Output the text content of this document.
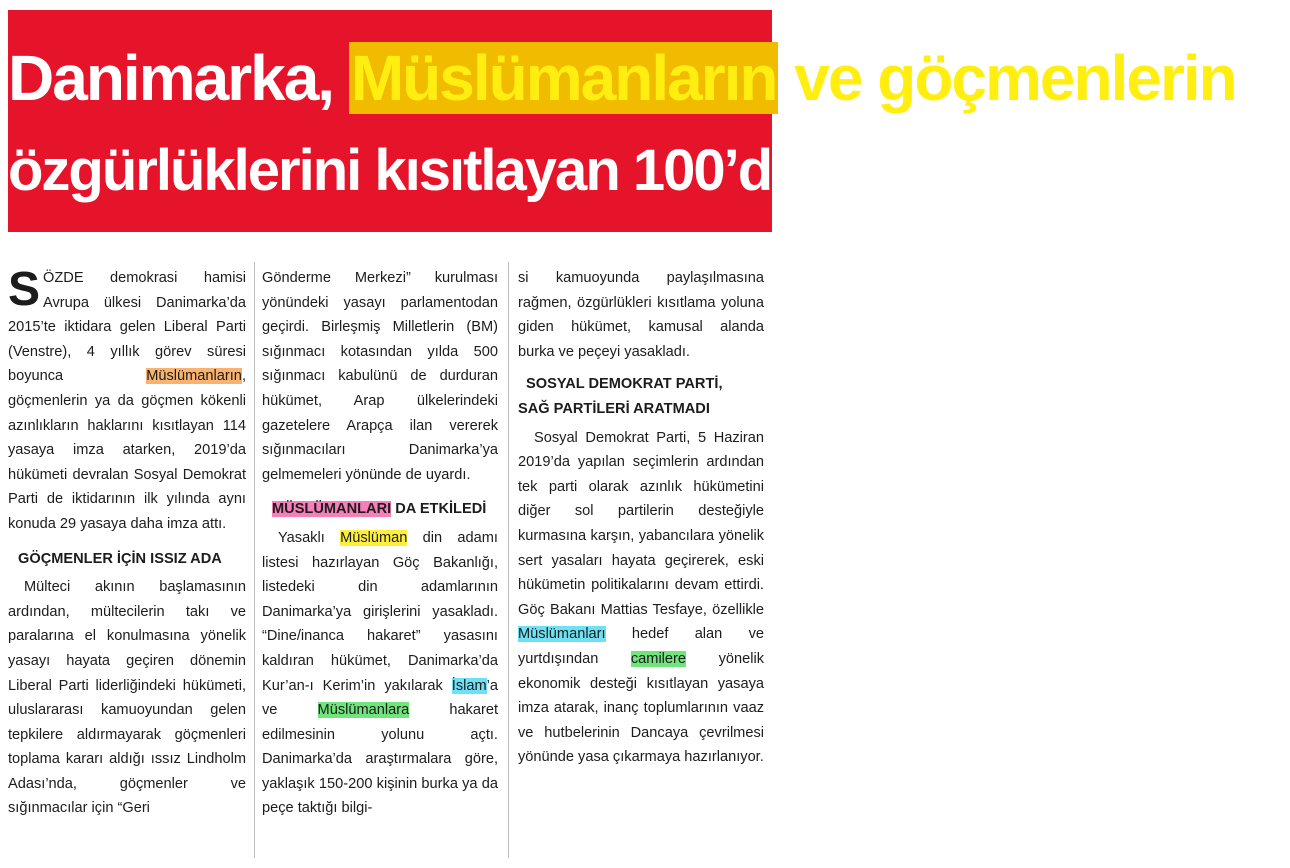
Danimarka, Müslümanların ve göçmenlerin
özgürlüklerini kısıtlayan 100’den fazla yasa çıkardı

SÖZDE demokrasi hamisi Avrupa ülkesi Danimarka’da 2015’te iktidara gelen Liberal Parti (Venstre), 4 yıllık görev süresi boyunca Müslümanların, göçmenlerin ya da göçmen kökenli azınlıkların haklarını kısıtlayan 114 yasaya imza atarken, 2019’da hükümeti devralan Sosyal Demokrat Parti de iktidarının ilk yılında aynı konuda 29 yasaya daha imza attı.

GÖÇMENLER İÇİN ISSIZ ADA

Mülteci akının başlamasının ardından, mültecilerin takı ve paralarına el konulmasına yönelik yasayı hayata geçiren dönemin Liberal Parti liderliğindeki hükümeti, uluslararası kamuoyundan gelen tepkilere aldırmayarak göçmenleri toplama kararı aldığı ıssız Lindholm Adası’nda, göçmenler ve sığınmacılar için “Geri

Gönderme Merkezi” kurulması yönündeki yasayı parlamentodan geçirdi. Birleşmiş Milletlerin (BM) sığınmacı kotasından yılda 500 sığınmacı kabulünü de durduran hükümet, Arap ülkelerindeki gazetelere Arapça ilan vererek sığınmacıları Danimarka’ya gelmemeleri yönünde de uyardı.

MÜSLÜMANLARI DA ETKİLEDİ

Yasaklı Müslüman din adamı listesi hazırlayan Göç Bakanlığı, listedeki din adamlarının Danimarka’ya girişlerini yasakladı. “Dine/inanca hakaret” yasasını kaldıran hükümet, Danimarka’da Kur’an-ı Kerim’in yakılarak İslam’a ve Müslümanlara hakaret edilmesinin yolunu açtı. Danimarka’da araştırmalara göre, yaklaşık 150-200 kişinin burka ya da peçe taktığı bilgi-

si kamuoyunda paylaşılmasına rağmen, özgürlükleri kısıtlama yoluna giden hükümet, kamusal alanda burka ve peçeyi yasakladı.

SOSYAL DEMOKRAT PARTİ,
SAĞ PARTİLERİ ARATMADI

Sosyal Demokrat Parti, 5 Haziran 2019’da yapılan seçimlerin ardından tek parti olarak azınlık hükümetini diğer sol partilerin desteğiyle kurmasına karşın, yabancılara yönelik sert yasaları hayata geçirerek, eski hükümetin politikalarını devam ettirdi. Göç Bakanı Mattias Tesfaye, özellikle Müslümanları hedef alan ve yurtdışından camilere yönelik ekonomik desteği kısıtlayan yasaya imza atarak, inanç toplumlarının vaaz ve hutbelerinin Dancaya çevrilmesi yönünde yasa çıkarmaya hazırlanıyor.
